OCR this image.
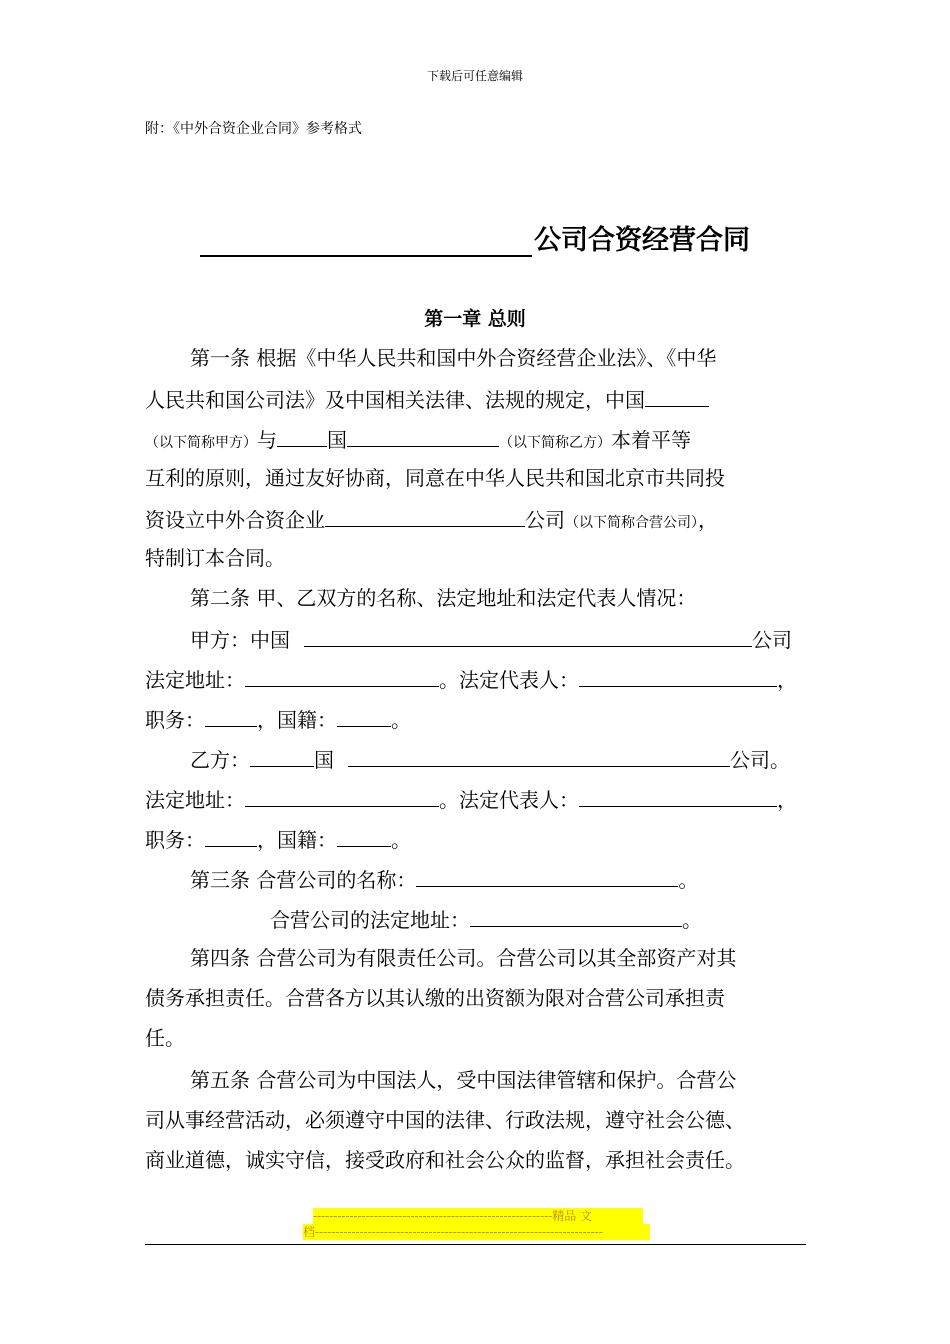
下载后可任意编辑
附：《中外合资企业合同》参考格式
公司合资经营合同
第一章 总则
第一条 根据《中华人民共和国中外合资经营企业法》、《中华
人民共和国公司法》及中国相关法律、法规的规定，中国
（以下简称甲方）与	国	（以下简称乙方）本着平等
互利的原则，通过友好协商，同意在中华人民共和国北京市共同投
资设立中外合资企业	公司（以下简称合营公司），
特制订本合同。
第二条 甲、乙双方的名称、法定地址和法定代表人情况：
甲方：中国	公司
法定地址：	。法定代表人：	，
职务：	，国籍：	。
乙方：	国	公司。
法定地址：	。法定代表人：	，
职务：	，国籍：	。
第三条 合营公司的名称：	。
合营公司的法定地址：	。
第四条 合营公司为有限责任公司。合营公司以其全部资产对其
债务承担责任。合营各方以其认缴的出资额为限对合营公司承担责
任。
第五条 合营公司为中国法人，受中国法律管辖和保护。合营公
司从事经营活动，必须遵守中国的法律、行政法规，遵守社会公德、
商业道德，诚实守信，接受政府和社会公众的监督，承担社会责任。
-----------------------------------------------------------精品 文
档-----------------------------------------------------------------------
